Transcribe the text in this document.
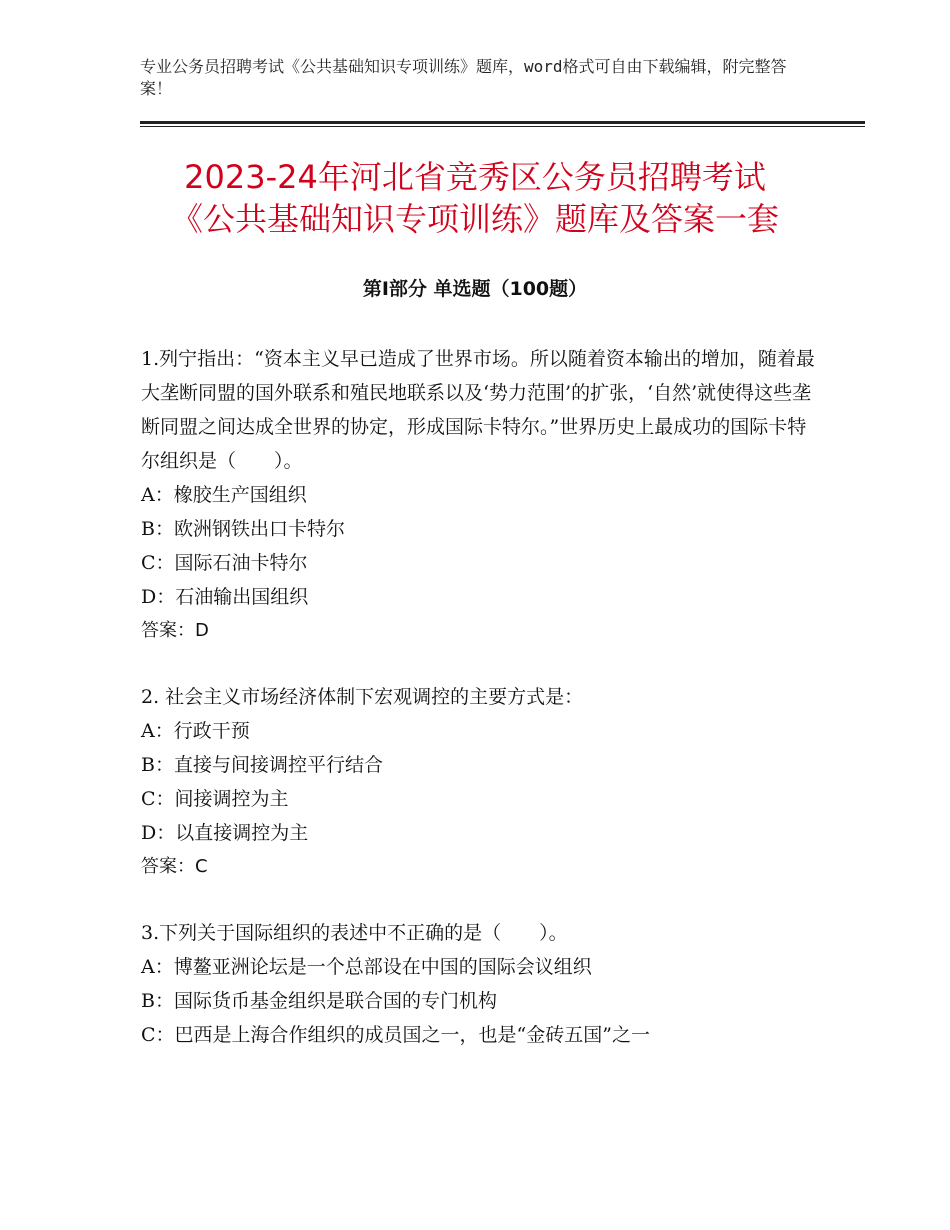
专业公务员招聘考试《公共基础知识专项训练》题库，word格式可自由下载编辑，附完整答案！
2023-24年河北省竞秀区公务员招聘考试
《公共基础知识专项训练》题库及答案一套
第Ⅰ部分 单选题（100题）
1.列宁指出：“资本主义早已造成了世界市场。所以随着资本输出的增加，随着最大垄断同盟的国外联系和殖民地联系以及‘势力范围’的扩张，‘自然’就使得这些垄断同盟之间达成全世界的协定，形成国际卡特尔。”世界历史上最成功的国际卡特尔组织是（　　）。
A：橡胶生产国组织
B：欧洲钢铁出口卡特尔
C：国际石油卡特尔
D：石油输出国组织
答案：D
2. 社会主义市场经济体制下宏观调控的主要方式是：
A：行政干预
B：直接与间接调控平行结合
C：间接调控为主
D：以直接调控为主
答案：C
3.下列关于国际组织的表述中不正确的是（　　）。
A：博鳌亚洲论坛是一个总部设在中国的国际会议组织
B：国际货币基金组织是联合国的专门机构
C：巴西是上海合作组织的成员国之一，也是“金砖五国”之一
